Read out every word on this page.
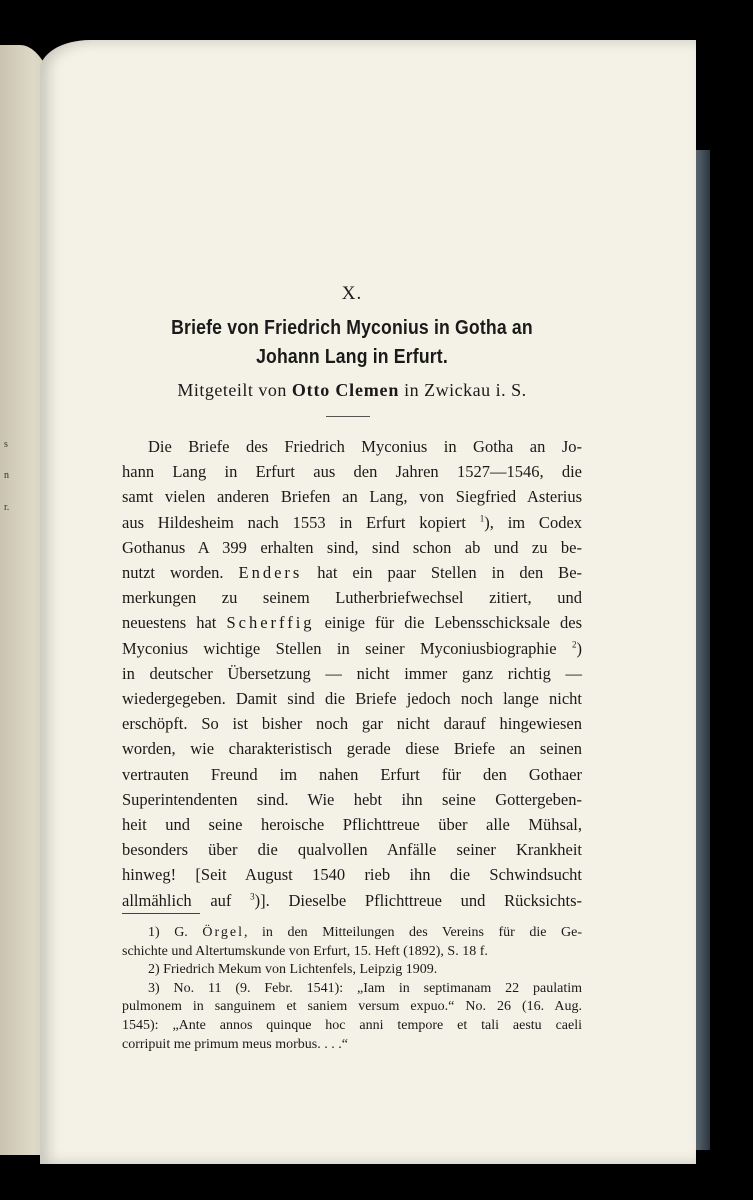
s
n
r.
X.
Briefe von Friedrich Myconius in Gotha an
Johann Lang in Erfurt.
Mitgeteilt von Otto Clemen in Zwickau i. S.
Die Briefe des Friedrich Myconius in Gotha an Jo-
hann Lang in Erfurt aus den Jahren 1527—1546, die
samt vielen anderen Briefen an Lang, von Siegfried Asterius
aus Hildesheim nach 1553 in Erfurt kopiert $^1$), im Codex
Gothanus A 399 erhalten sind, sind schon ab und zu be-
nutzt worden. Enders hat ein paar Stellen in den Be-
merkungen zu seinem Lutherbriefwechsel zitiert, und
neuestens hat Scherffig einige für die Lebensschicksale des
Myconius wichtige Stellen in seiner Myconiusbiographie $^2$)
in deutscher Übersetzung — nicht immer ganz richtig —
wiedergegeben. Damit sind die Briefe jedoch noch lange nicht
erschöpft. So ist bisher noch gar nicht darauf hingewiesen
worden, wie charakteristisch gerade diese Briefe an seinen
vertrauten Freund im nahen Erfurt für den Gothaer
Superintendenten sind. Wie hebt ihn seine Gottergeben-
heit und seine heroische Pflichttreue über alle Mühsal,
besonders über die qualvollen Anfälle seiner Krankheit
hinweg! [Seit August 1540 rieb ihn die Schwindsucht
allmählich auf $^3$)]. Dieselbe Pflichttreue und Rücksichts-
1) G. Örgel, in den Mitteilungen des Vereins für die Ge-
schichte und Altertumskunde von Erfurt, 15. Heft (1892), S. 18 f.
2) Friedrich Mekum von Lichtenfels, Leipzig 1909.
3) No. 11 (9. Febr. 1541): „Iam in septimanam 22 paulatim
pulmonem in sanguinem et saniem versum expuo.“ No. 26 (16. Aug.
1545): „Ante annos quinque hoc anni tempore et tali aestu caeli
corripuit me primum meus morbus. . . .“
